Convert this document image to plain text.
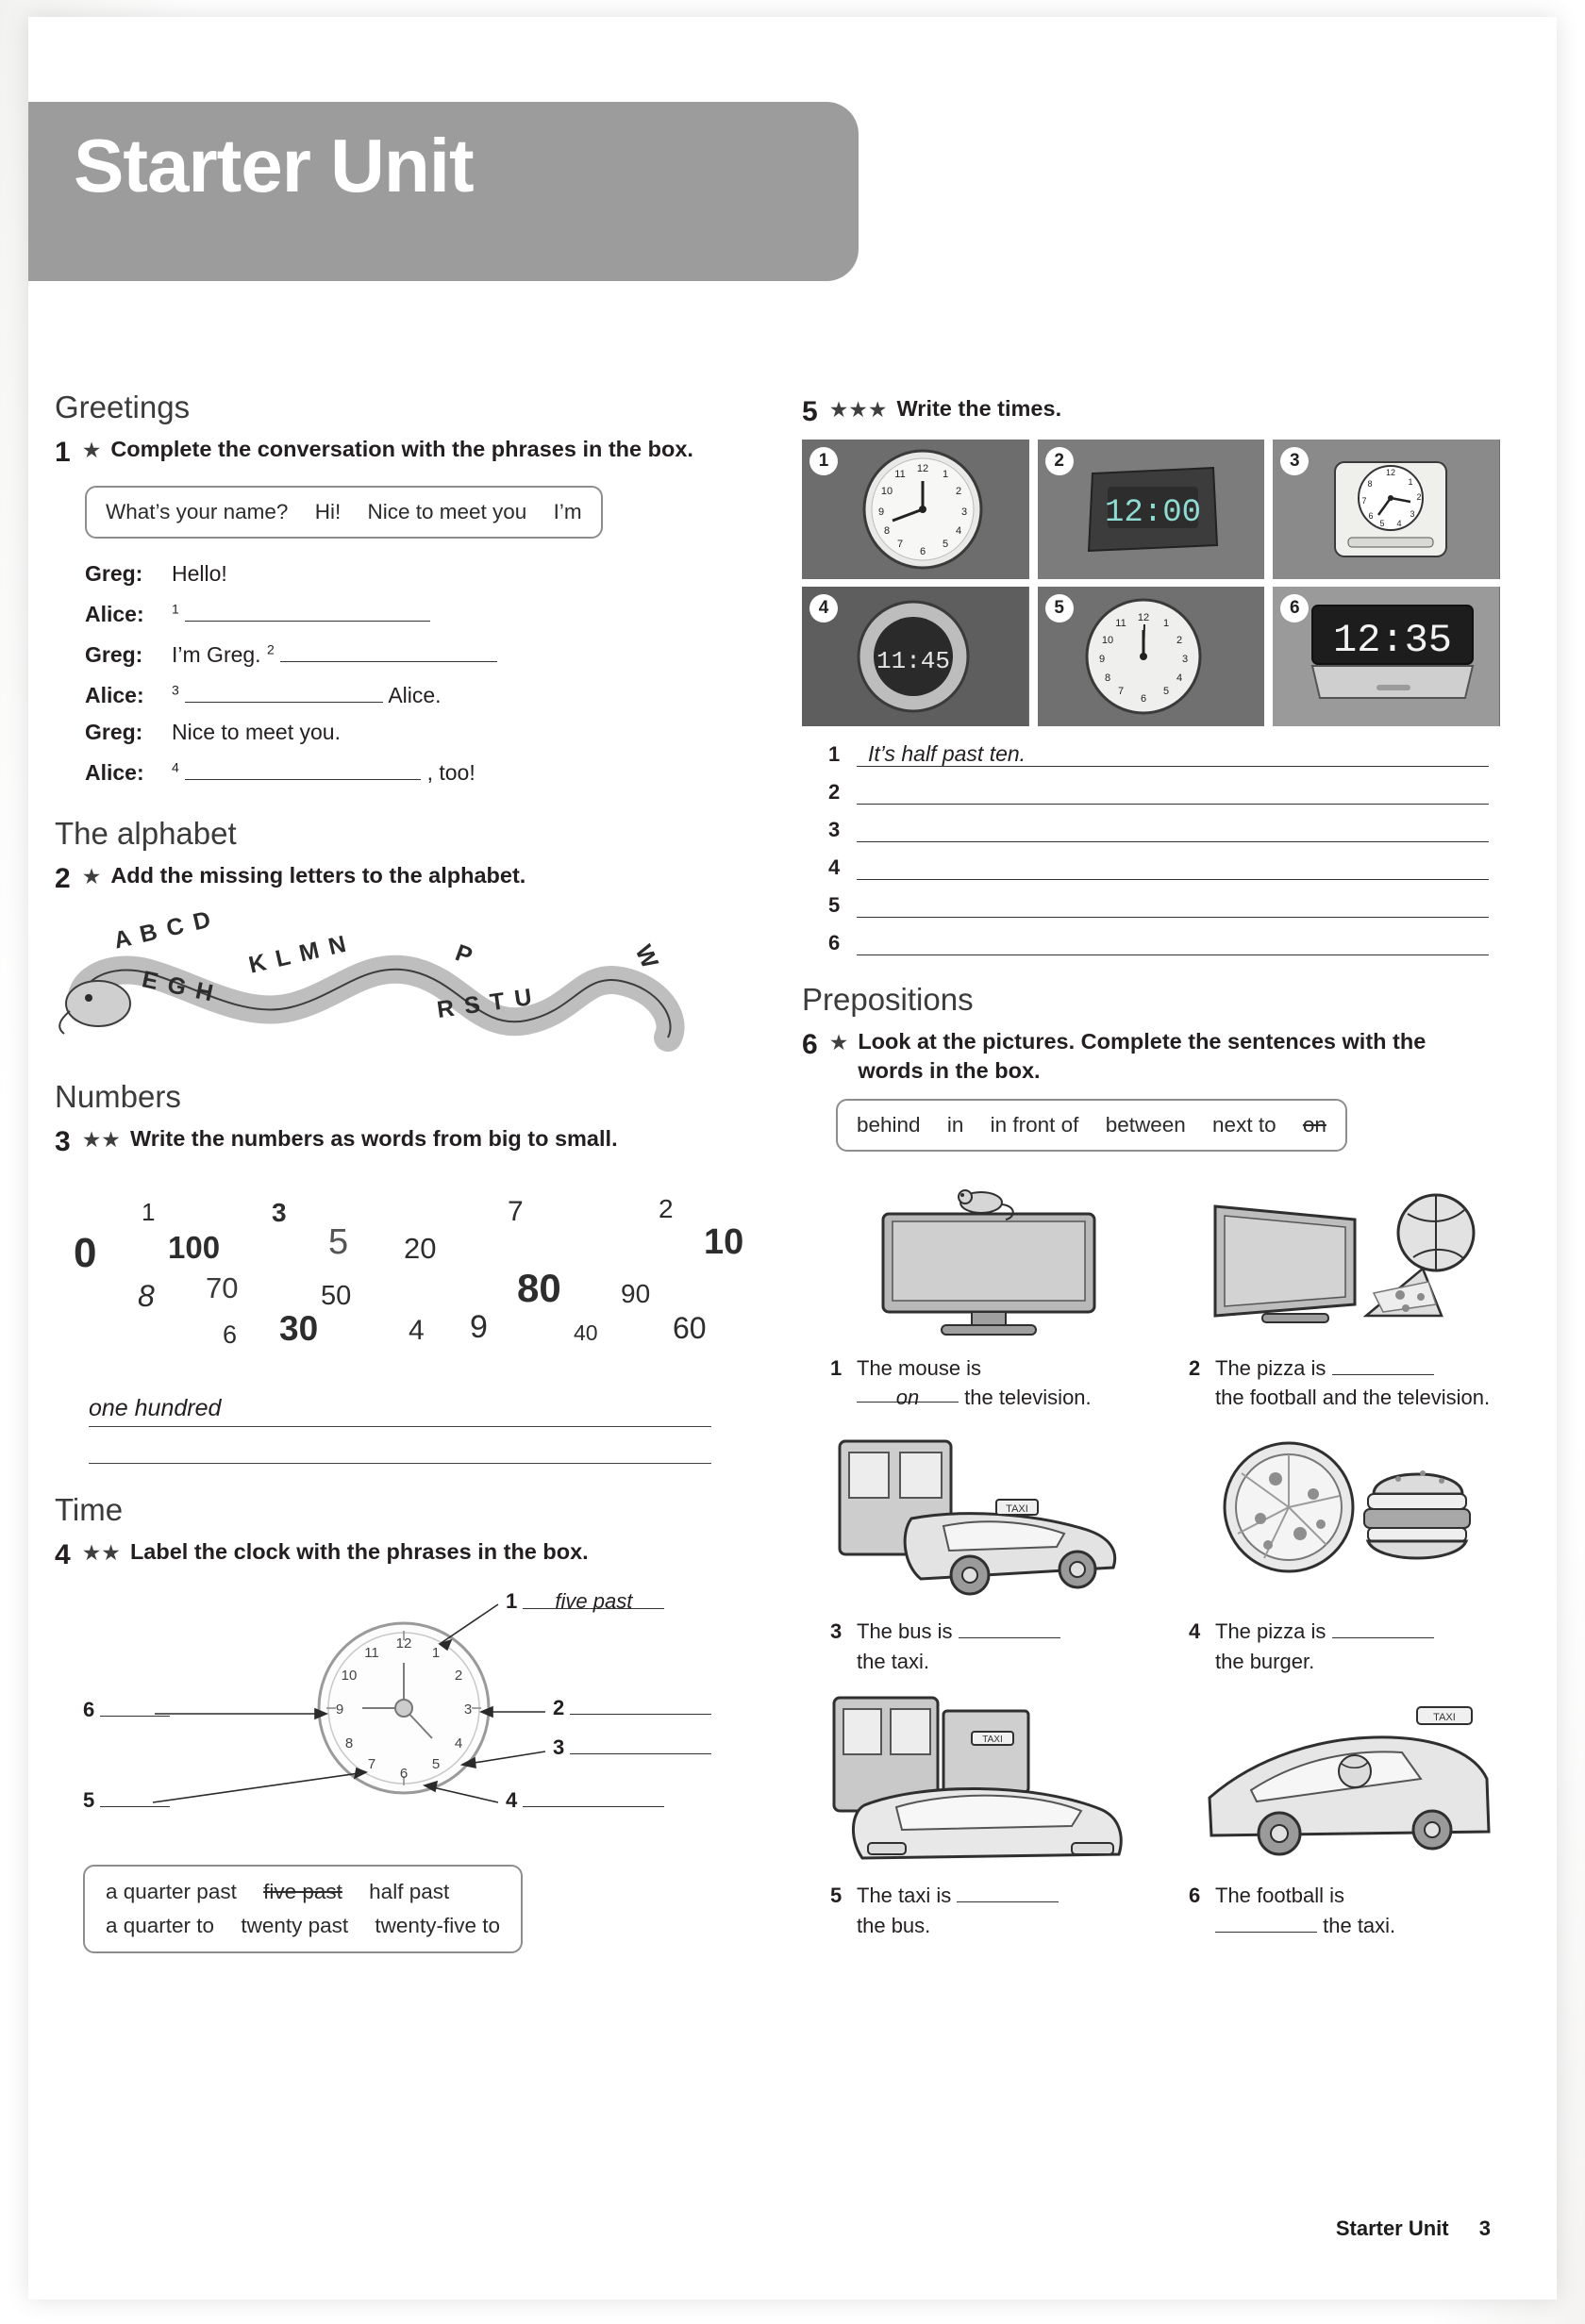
Starter Unit
Greetings
1 ★ Complete the conversation with the phrases in the box.
What’s your name? Hi! Nice to meet you I’m
Greg:	Hello!
Alice:	$^1$
Greg:	I’m Greg. $^2$
Alice:	$^3$	Alice.
Greg:	Nice to meet you.
Alice:	$^4$	, too!
The alphabet
2 ★ Add the missing letters to the alphabet.
A B C D
E G H
K L M N	P
R S T U
W
Numbers
3 ★★ Write the numbers as words from big to small.
0
1
100
3
5 20
7	2
10
8 70	50	80 90
6 30	4 9	40 60
one hundred
Time
4 ★★ Label the clock with the phrases in the box.
12
1
2
3
4
5
6
7
8
9
10
11
1 five past
2
3
4
5
6
a quarter past five past half past
a quarter to twenty past twenty-five to
5 ★★★ Write the times.
1	12 1
2
3
4
5
6
7
8
9
10
11
2
12:00
3
12
1
2
3
4
5
6
7
8
4
11:45
5	12 1
2
3
4
5
6
7
8
9
10
11
6
12:35
1	It’s half past ten.
2
3
4
5
6
Prepositions
6 ★ Look at the pictures. Complete the sentences with the words in the box.
behind in in front of between next to on
1 The mouse is
on the television.
2 The pizza is
the football and the television.
TAXI
3 The bus is
the taxi.
4 The pizza is
the burger.
TAXI
5 The taxi is
the bus.
TAXI
6 The football is
the taxi.
Starter Unit 3
